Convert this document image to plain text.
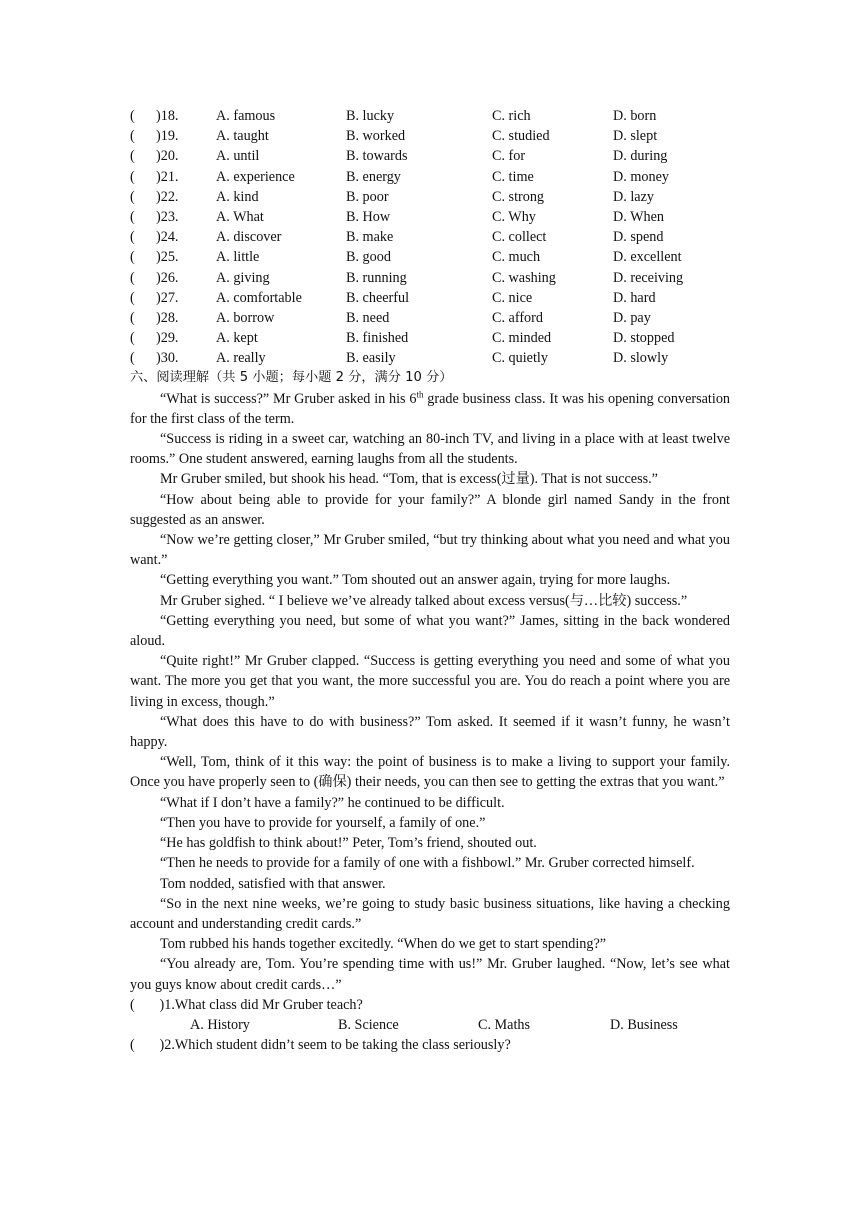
(      )18.	A. famous	B. lucky	C. rich	D. born
(      )19.	A. taught	B. worked	C. studied	D. slept
(      )20.	A. until	B. towards	C. for	D. during
(      )21.	A. experience	B. energy	C. time	D. money
(      )22.	A. kind	B. poor	C. strong	D. lazy
(      )23.	A. What	B. How	C. Why	D. When
(      )24.	A. discover	B. make	C. collect	D. spend
(      )25.	A. little	B. good	C. much	D. excellent
(      )26.	A. giving	B. running	C. washing	D. receiving
(      )27.	A. comfortable	B. cheerful	C. nice	D. hard
(      )28.	A. borrow	B. need	C. afford	D. pay
(      )29.	A. kept	B. finished	C. minded	D. stopped
(      )30.	A. really	B. easily	C. quietly	D. slowly
六、阅读理解（共 5 小题；每小题 2 分，满分 10 分）

“What is success?” Mr Gruber asked in his 6th grade business class. It was his opening conversation for the first class of the term.

“Success is riding in a sweet car, watching an 80-inch TV, and living in a place with at least twelve rooms.” One student answered, earning laughs from all the students.

Mr Gruber smiled, but shook his head. “Tom, that is excess(过量). That is not success.”

“How about being able to provide for your family?” A blonde girl named Sandy in the front suggested as an answer.

“Now we’re getting closer,” Mr Gruber smiled, “but try thinking about what you need and what you want.”

“Getting everything you want.” Tom shouted out an answer again, trying for more laughs.

Mr Gruber sighed. “ I believe we’ve already talked about excess versus(与…比较) success.”

“Getting everything you need, but some of what you want?” James, sitting in the back wondered aloud.

“Quite right!” Mr Gruber clapped. “Success is getting everything you need and some of what you want. The more you get that you want, the more successful you are. You do reach a point where you are living in excess, though.”

“What does this have to do with business?” Tom asked. It seemed if it wasn’t funny, he wasn’t happy.

“Well, Tom, think of it this way: the point of business is to make a living to support your family. Once you have properly seen to (确保) their needs, you can then see to getting the extras that you want.”

“What if I don’t have a family?” he continued to be difficult.

“Then you have to provide for yourself, a family of one.”

“He has goldfish to think about!” Peter, Tom’s friend, shouted out.

“Then he needs to provide for a family of one with a fishbowl.” Mr. Gruber corrected himself.

Tom nodded, satisfied with that answer.

“So in the next nine weeks, we’re going to study basic business situations, like having a checking account and understanding credit cards.”

Tom rubbed his hands together excitedly. “When do we get to start spending?”

“You already are, Tom. You’re spending time with us!” Mr. Gruber laughed. “Now, let’s see what you guys know about credit cards…”

(       )1.What class did Mr Gruber teach?
A. History	B. Science	C. Maths	D. Business
(       )2.Which student didn’t seem to be taking the class seriously?
